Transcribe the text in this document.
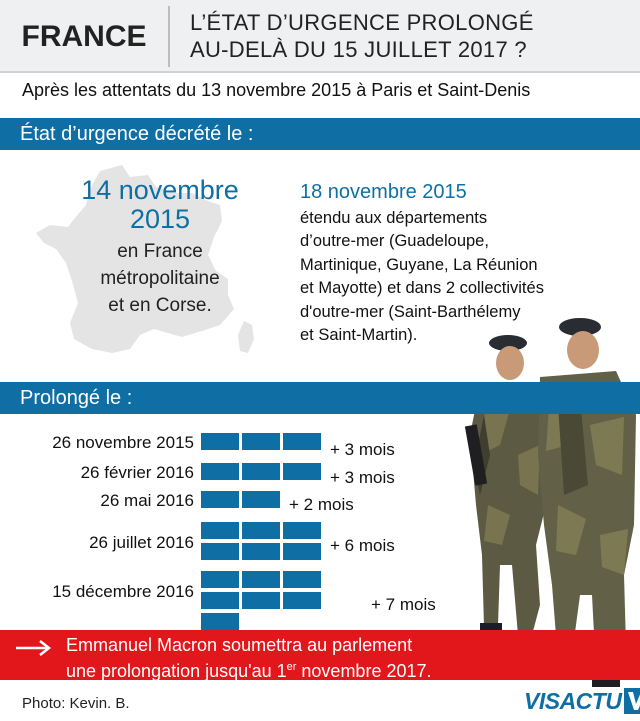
FRANCE	L’ÉTAT D’URGENCE PROLONGÉ
AU-DELÀ DU 15 JUILLET 2017 ?
Après les attentats du 13 novembre 2015 à Paris et Saint-Denis
État d’urgence décrété le :
14 novembre
2015
en France
métropolitaine
et en Corse.
18 novembre 2015
étendu aux départements
d’outre-mer (Guadeloupe,
Martinique, Guyane, La Réunion
et Mayotte) et dans 2 collectivités
d'outre-mer (Saint-Barthélemy
et Saint-Martin).
Prolongé le :
26 novembre 2015
26 février 2016
26 mai 2016
26 juillet 2016
15 décembre 2016
+ 3 mois
+ 3 mois
+ 2 mois
+ 6 mois
+ 7 mois
Emmanuel Macron soumettra au parlement
une prolongation jusqu'au 1er novembre 2017.
Photo: Kevin. B.	VISACTU
